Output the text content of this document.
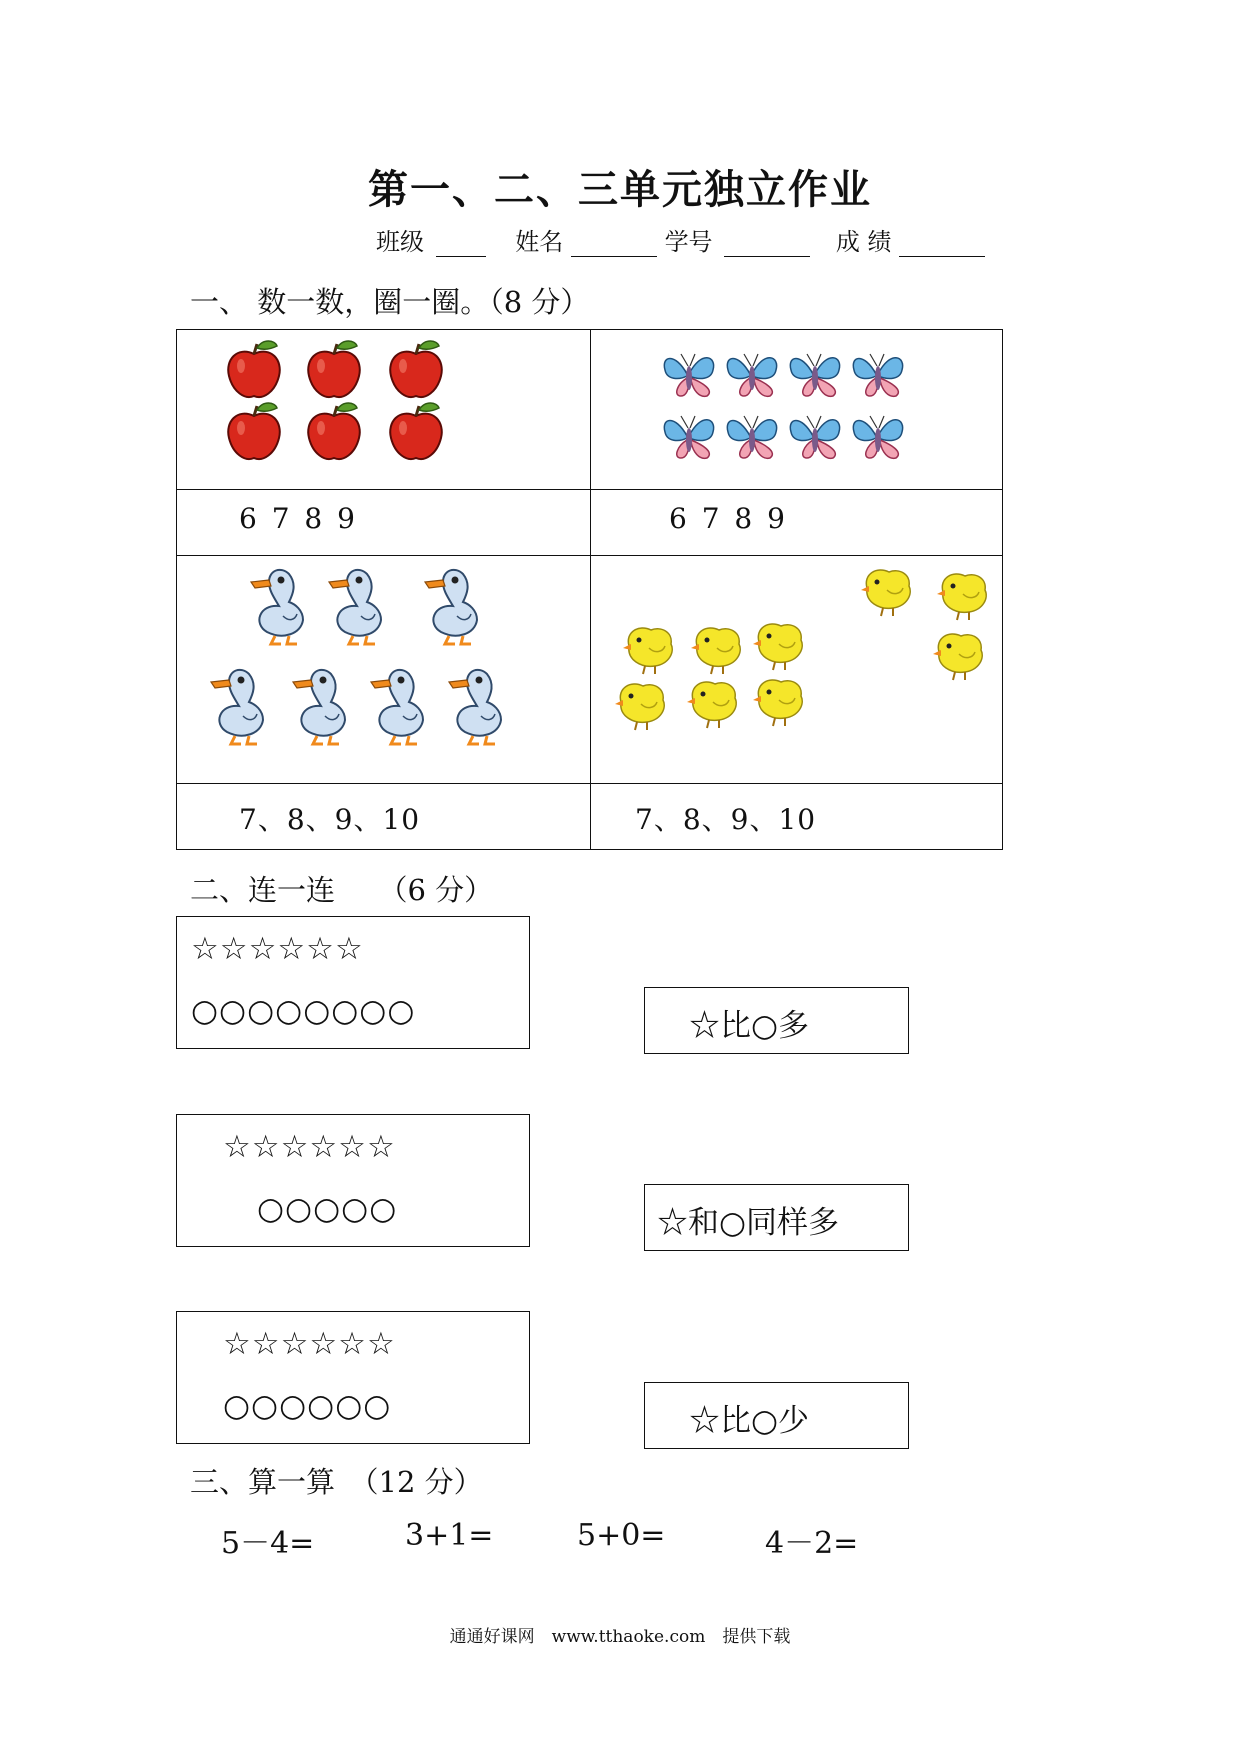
第一、二、三单元独立作业
班级	姓名	学号	成 绩
一、 数一数，圈一圈。（8 分）

6 7 8 9	6 7 8 9

7、8、9、10	7、8、9、10
二、连一连　　（6 分）
☆☆☆☆☆☆
○○○○○○○○
☆☆☆☆☆☆
○○○○○
☆☆☆☆☆☆
○○○○○○
☆比○多
☆和○同样多
☆比○少
三、算一算　（12 分）
5－4=	3+1=	5+0=	4－2=
通通好课网　www.tthaoke.com　提供下载
